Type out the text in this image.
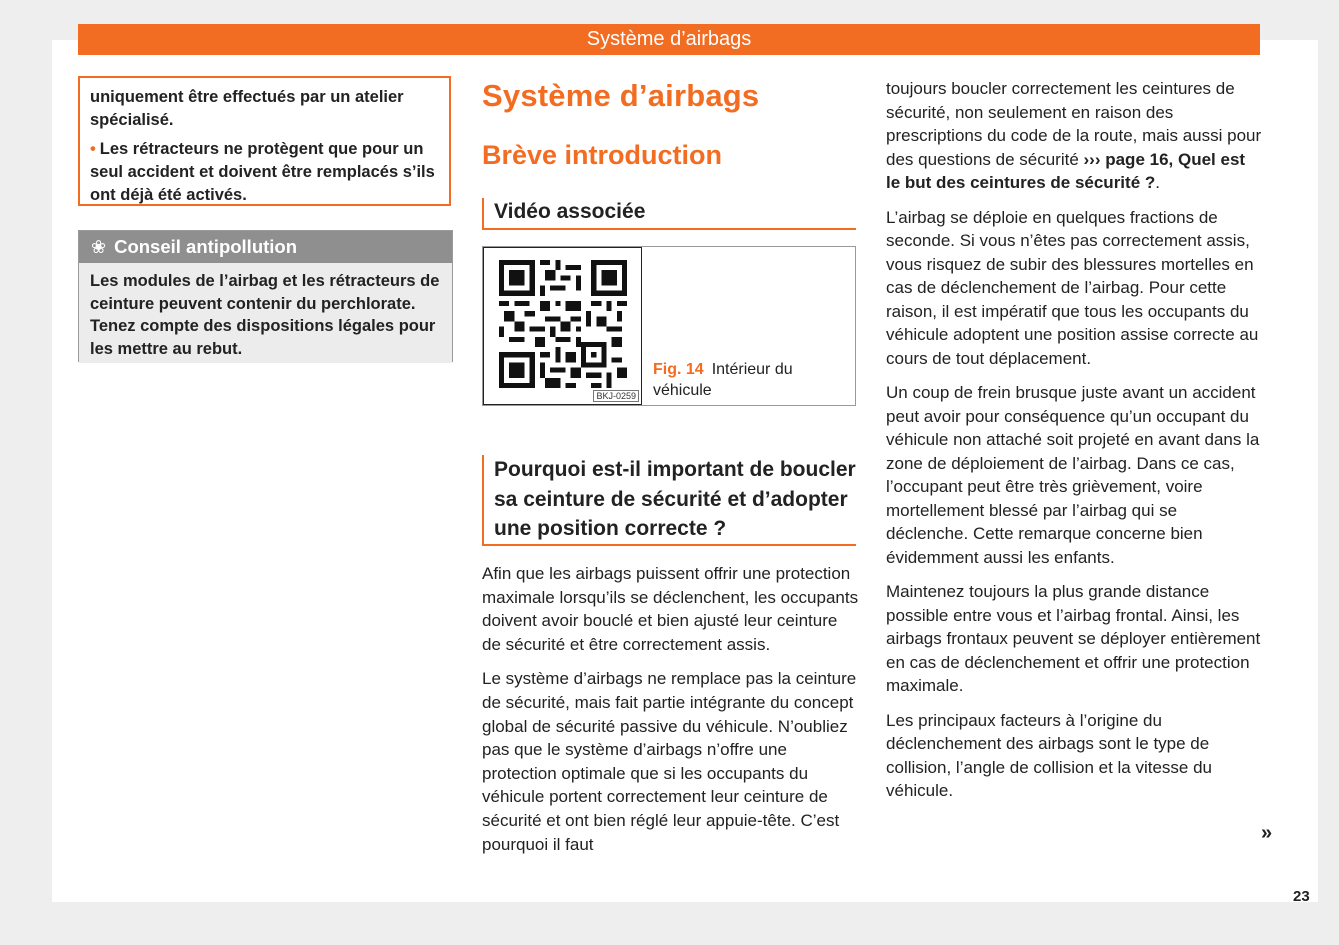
Système d’airbags

uniquement être effectués par un atelier spécialisé.

• Les rétracteurs ne protègent que pour un seul accident et doivent être remplacés s’ils ont déjà été activés.

❀ Conseil antipollution
Les modules de l’airbag et les rétracteurs de ceinture peuvent contenir du perchlorate. Tenez compte des dispositions légales pour les mettre au rebut.
Système d’airbags
Brève introduction
Vidéo associée
BKJ-0259
Fig. 14 Intérieur du véhicule
Pourquoi est-il important de boucler sa ceinture de sécurité et d’adopter une position correcte ?

Afin que les airbags puissent offrir une protection maximale lorsqu’ils se déclenchent, les occupants doivent avoir bouclé et bien ajusté leur ceinture de sécurité et être correctement assis.

Le système d’airbags ne remplace pas la ceinture de sécurité, mais fait partie intégrante du concept global de sécurité passive du véhicule. N’oubliez pas que le système d’airbags n’offre une protection optimale que si les occupants du véhicule portent correctement leur ceinture de sécurité et ont bien réglé leur appuie-tête. C’est pourquoi il faut

toujours boucler correctement les ceintures de sécurité, non seulement en raison des prescriptions du code de la route, mais aussi pour des questions de sécurité ››› page 16, Quel est le but des ceintures de sécurité ?.

L’airbag se déploie en quelques fractions de seconde. Si vous n’êtes pas correctement assis, vous risquez de subir des blessures mortelles en cas de déclenchement de l’airbag. Pour cette raison, il est impératif que tous les occupants du véhicule adoptent une position assise correcte au cours de tout déplacement.

Un coup de frein brusque juste avant un accident peut avoir pour conséquence qu’un occupant du véhicule non attaché soit projeté en avant dans la zone de déploiement de l’airbag. Dans ce cas, l’occupant peut être très grièvement, voire mortellement blessé par l’airbag qui se déclenche. Cette remarque concerne bien évidemment aussi les enfants.

Maintenez toujours la plus grande distance possible entre vous et l’airbag frontal. Ainsi, les airbags frontaux peuvent se déployer entièrement en cas de déclenchement et offrir une protection maximale.

Les principaux facteurs à l’origine du déclenchement des airbags sont le type de collision, l’angle de collision et la vitesse du véhicule.

»
23
